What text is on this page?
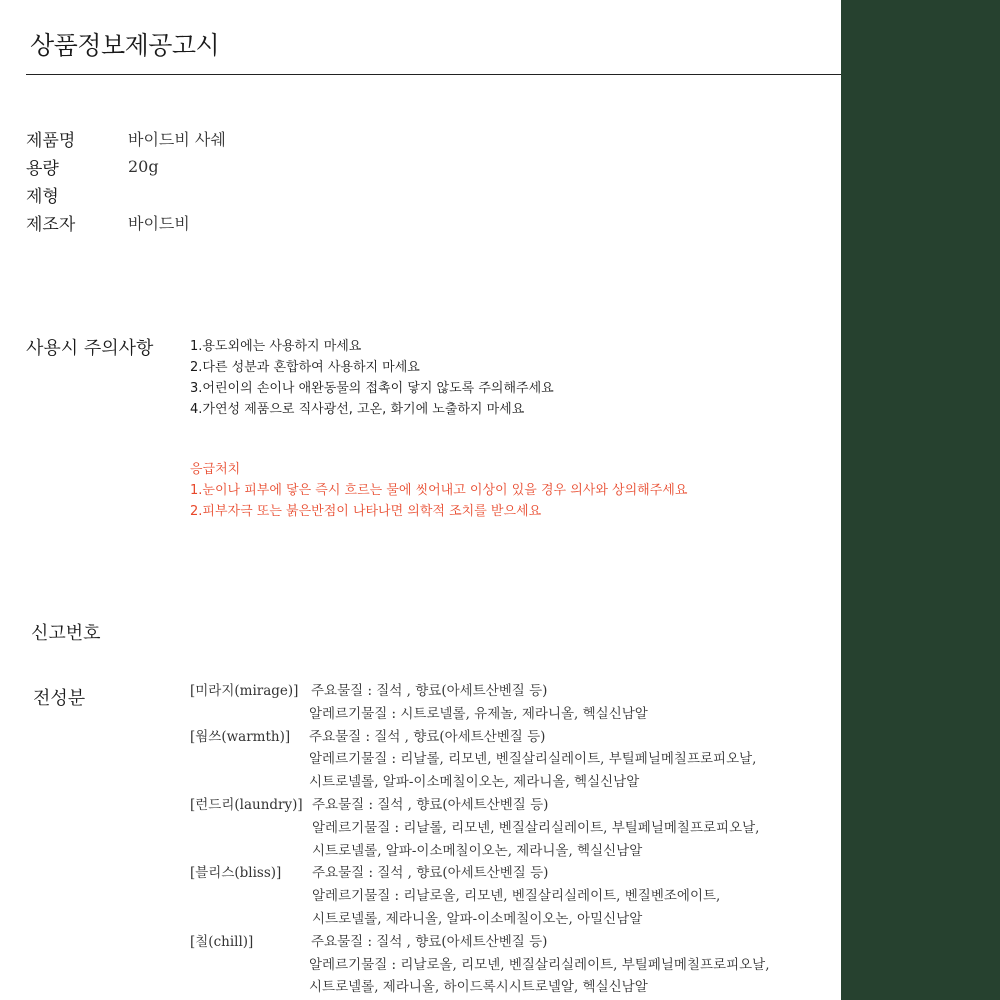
상품정보제공고시
제품명	바이드비 사쉐
용량	20g
제형
제조자	바이드비
사용시 주의사항	1.용도외에는 사용하지 마세요
2.다른 성분과 혼합하여 사용하지 마세요
3.어린이의 손이나 애완동물의 접촉이 닿지 않도록 주의해주세요
4.가연성 제품으로 직사광선, 고온, 화기에 노출하지 마세요
응급처치
1.눈이나 피부에 닿은 즉시 흐르는 물에 씻어내고 이상이 있을 경우 의사와 상의해주세요
2.피부자극 또는 붉은반점이 나타나면 의학적 조치를 받으세요
신고번호
전성분	[미라지(mirage)] 주요물질 : 질석 , 향료(아세트산벤질 등)
알레르기물질 : 시트로넬롤, 유제놀, 제라니올, 헥실신남알
[웜쓰(warmth)] 주요물질 : 질석 , 향료(아세트산벤질 등)
알레르기물질 : 리날롤, 리모넨, 벤질살리실레이트, 부틸페닐메칠프로피오날,
시트로넬롤, 알파-이소메칠이오논, 제라니올, 헥실신남알
[런드리(laundry)] 주요물질 : 질석 , 향료(아세트산벤질 등)
알레르기물질 : 리날롤, 리모넨, 벤질살리실레이트, 부틸페닐메칠프로피오날,
시트로넬롤, 알파-이소메칠이오논, 제라니올, 헥실신남알
[블리스(bliss)] 주요물질 : 질석 , 향료(아세트산벤질 등)
알레르기물질 : 리날로올, 리모넨, 벤질살리실레이트, 벤질벤조에이트,
시트로넬롤, 제라니올, 알파-이소메칠이오논, 아밀신남알
[칠(chill)]	주요물질 : 질석 , 향료(아세트산벤질 등)
알레르기물질 : 리날로올, 리모넨, 벤질살리실레이트, 부틸페닐메칠프로피오날,
시트로넬롤, 제라니올, 하이드록시시트로넬알, 헥실신남알
